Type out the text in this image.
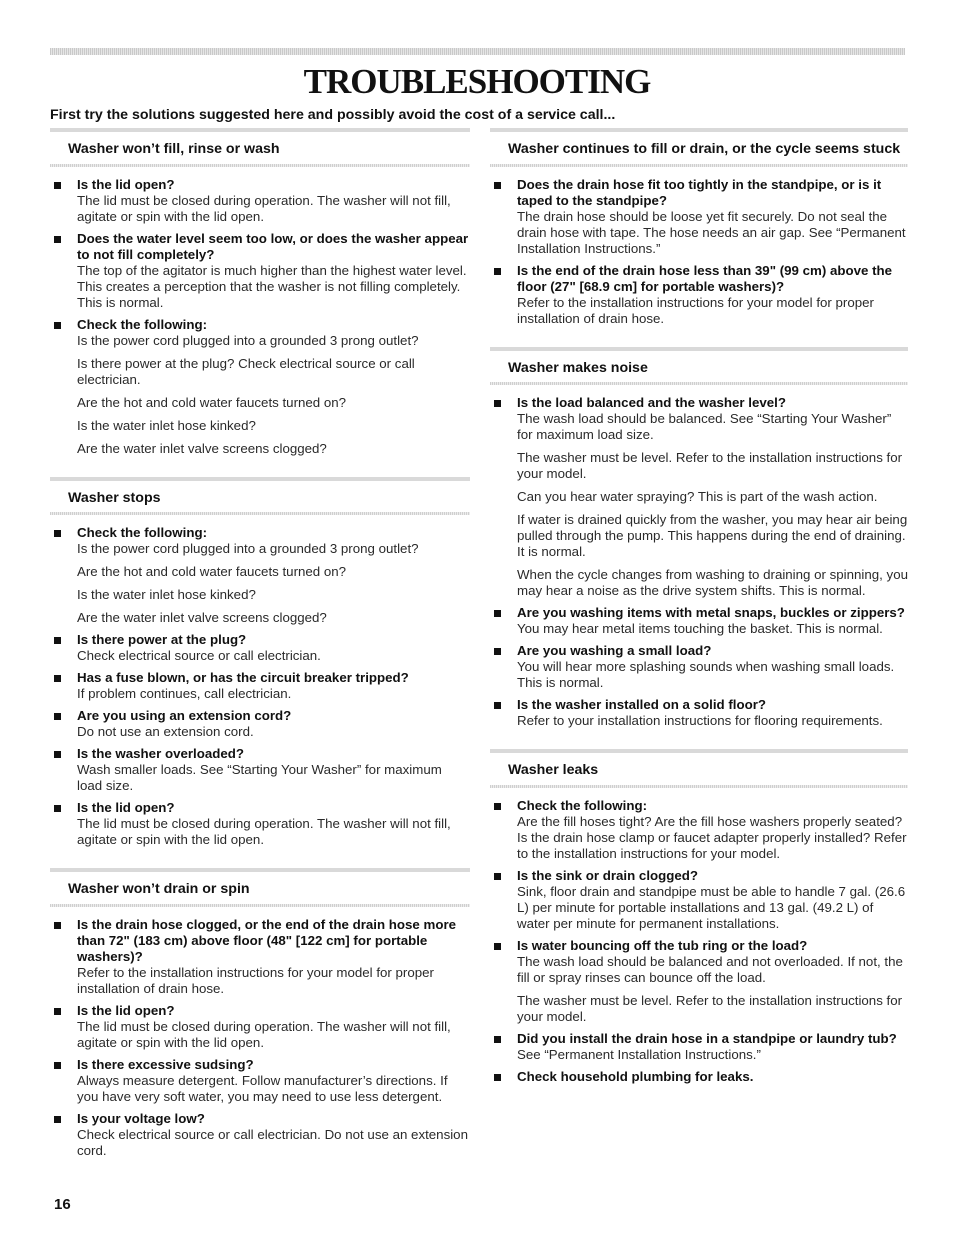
TROUBLESHOOTING
First try the solutions suggested here and possibly avoid the cost of a service call...
Washer won’t fill, rinse or wash
Is the lid open?
The lid must be closed during operation. The washer will not fill, agitate or spin with the lid open.
Does the water level seem too low, or does the washer appear to not fill completely?
The top of the agitator is much higher than the highest water level. This creates a perception that the washer is not filling completely. This is normal.
Check the following:
Is the power cord plugged into a grounded 3 prong outlet?
Is there power at the plug? Check electrical source or call electrician.
Are the hot and cold water faucets turned on?
Is the water inlet hose kinked?
Are the water inlet valve screens clogged?
Washer stops
Check the following:
Is the power cord plugged into a grounded 3 prong outlet?
Are the hot and cold water faucets turned on?
Is the water inlet hose kinked?
Are the water inlet valve screens clogged?
Is there power at the plug?
Check electrical source or call electrician.
Has a fuse blown, or has the circuit breaker tripped?
If problem continues, call electrician.
Are you using an extension cord?
Do not use an extension cord.
Is the washer overloaded?
Wash smaller loads. See “Starting Your Washer” for maximum load size.
Is the lid open?
The lid must be closed during operation. The washer will not fill, agitate or spin with the lid open.
Washer won’t drain or spin
Is the drain hose clogged, or the end of the drain hose more than 72" (183 cm) above floor (48" [122 cm] for portable washers)?
Refer to the installation instructions for your model for proper installation of drain hose.
Is the lid open?
The lid must be closed during operation. The washer will not fill, agitate or spin with the lid open.
Is there excessive sudsing?
Always measure detergent. Follow manufacturer’s directions. If you have very soft water, you may need to use less detergent.
Is your voltage low?
Check electrical source or call electrician. Do not use an extension cord.
Washer continues to fill or drain, or the cycle seems stuck
Does the drain hose fit too tightly in the standpipe, or is it taped to the standpipe?
The drain hose should be loose yet fit securely. Do not seal the drain hose with tape. The hose needs an air gap. See “Permanent Installation Instructions.”
Is the end of the drain hose less than 39" (99 cm) above the floor (27" [68.9 cm] for portable washers)?
Refer to the installation instructions for your model for proper installation of drain hose.
Washer makes noise
Is the load balanced and the washer level?
The wash load should be balanced. See “Starting Your Washer” for maximum load size.
The washer must be level. Refer to the installation instructions for your model.
Can you hear water spraying? This is part of the wash action.
If water is drained quickly from the washer, you may hear air being pulled through the pump. This happens during the end of draining. It is normal.
When the cycle changes from washing to draining or spinning, you may hear a noise as the drive system shifts. This is normal.
Are you washing items with metal snaps, buckles or zippers?
You may hear metal items touching the basket. This is normal.
Are you washing a small load?
You will hear more splashing sounds when washing small loads. This is normal.
Is the washer installed on a solid floor?
Refer to your installation instructions for flooring requirements.
Washer leaks
Check the following:
Are the fill hoses tight? Are the fill hose washers properly seated? Is the drain hose clamp or faucet adapter properly installed? Refer to the installation instructions for your model.
Is the sink or drain clogged?
Sink, floor drain and standpipe must be able to handle 7 gal. (26.6 L) per minute for portable installations and 13 gal. (49.2 L) of water per minute for permanent installations.
Is water bouncing off the tub ring or the load?
The wash load should be balanced and not overloaded. If not, the fill or spray rinses can bounce off the load.
The washer must be level. Refer to the installation instructions for your model.
Did you install the drain hose in a standpipe or laundry tub?
See “Permanent Installation Instructions.”
Check household plumbing for leaks.
16
